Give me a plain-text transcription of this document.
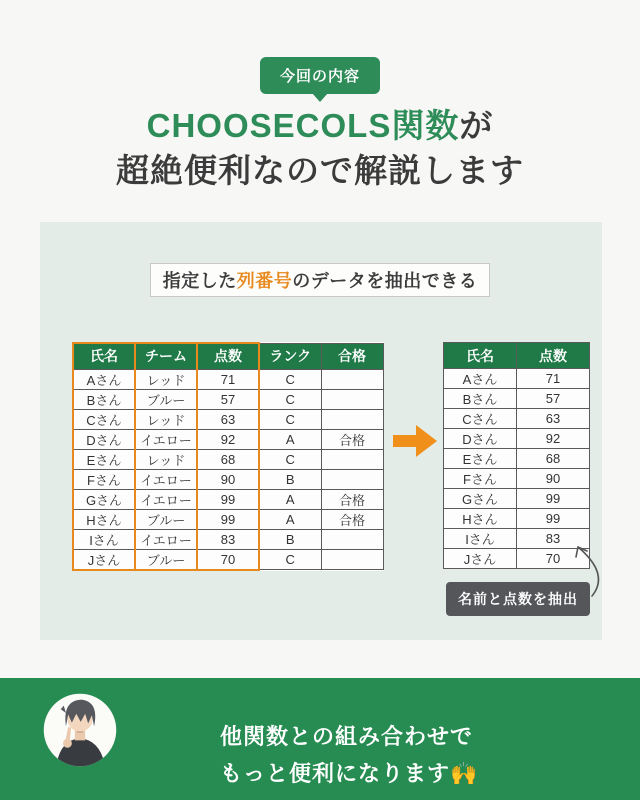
今回の内容
CHOOSECOLS関数が
超絶便利なので解説します
指定した 列番号 のデータを抽出できる
氏名	チーム	点数	ランク	合格
Aさん	レッド	71	C	
Bさん	ブルー	57	C	
Cさん	レッド	63	C	
Dさん	イエロー	92	A	合格
Eさん	レッド	68	C	
Fさん	イエロー	90	B	
Gさん	イエロー	99	A	合格
Hさん	ブルー	99	A	合格
Iさん	イエロー	83	B	
Jさん	ブルー	70	C	
氏名	点数
Aさん	71
Bさん	57
Cさん	63
Dさん	92
Eさん	68
Fさん	90
Gさん	99
Hさん	99
Iさん	83
Jさん	70
名前と点数を抽出
他関数との組み合わせで
もっと便利になります🙌
